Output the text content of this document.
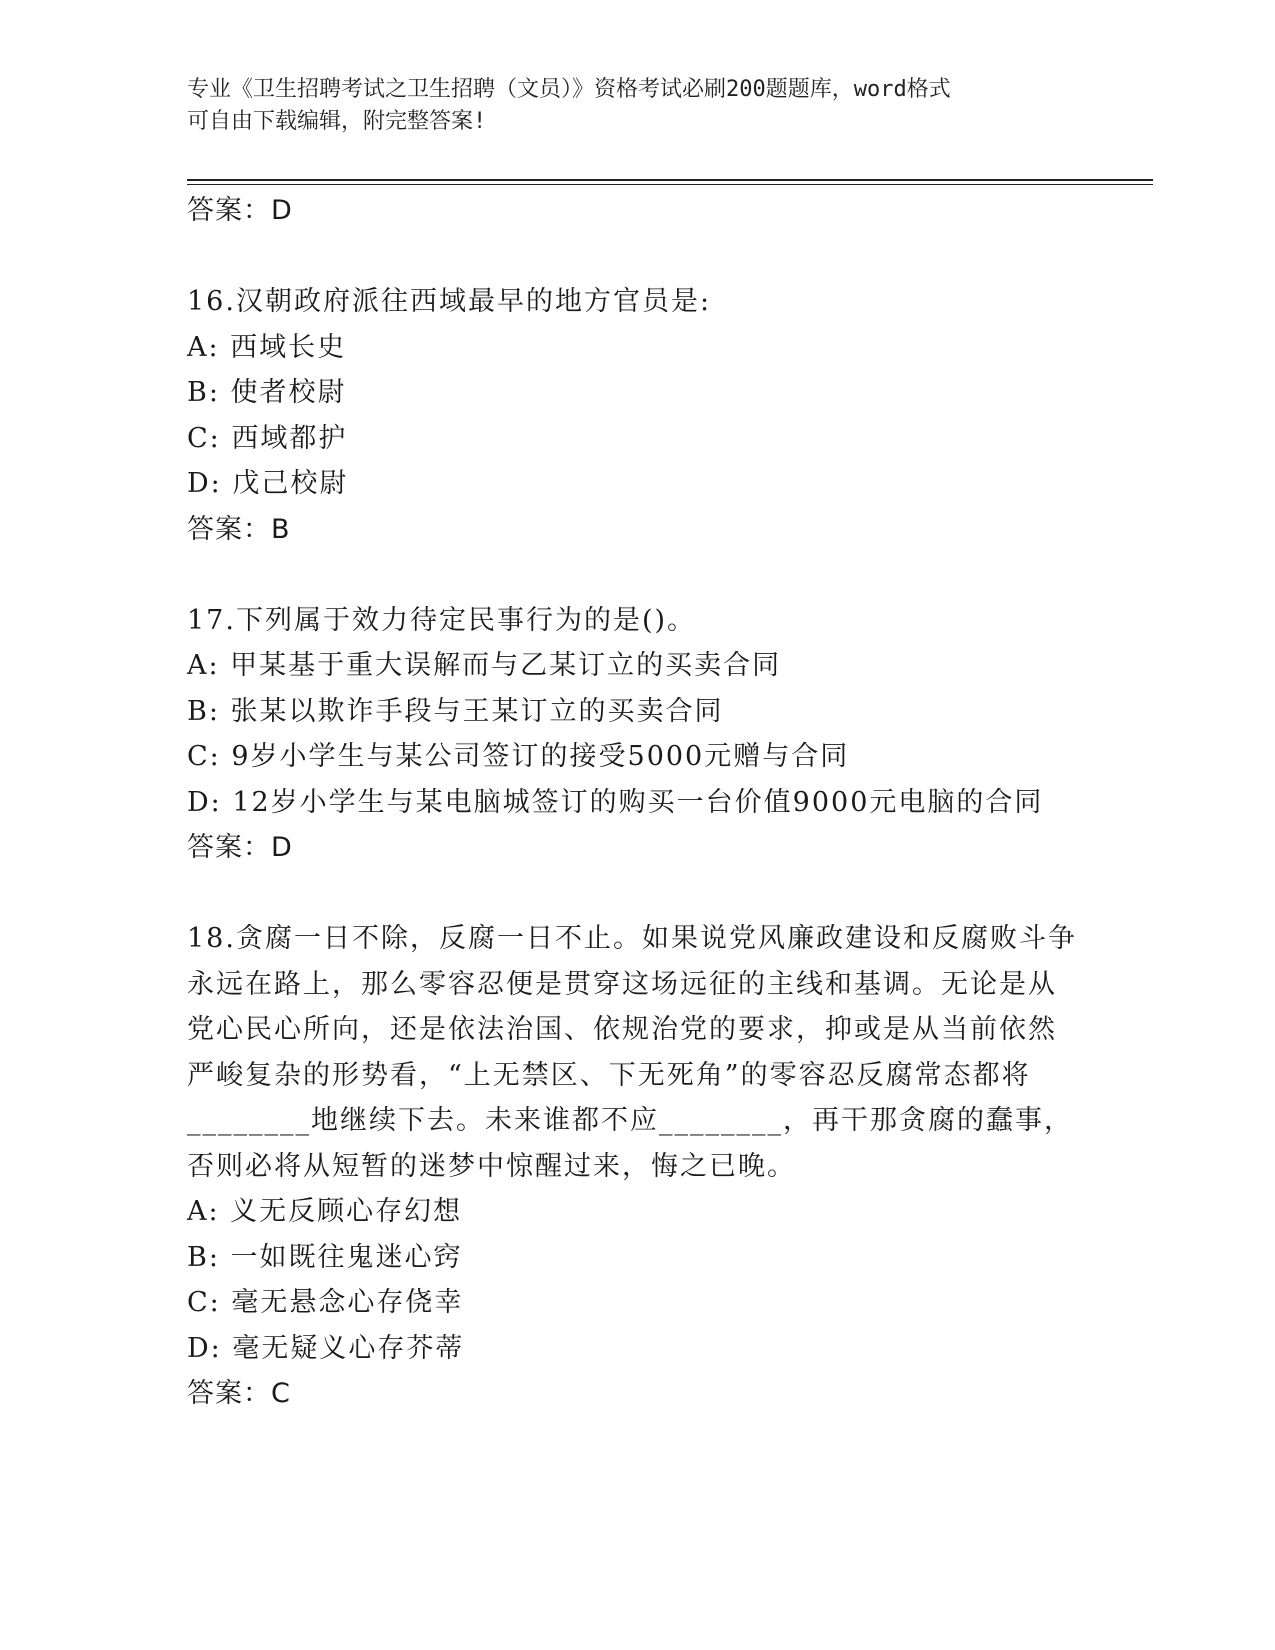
专业《卫生招聘考试之卫生招聘（文员）》资格考试必刷200题题库，word格式
可自由下载编辑，附完整答案!
答案：D
16.汉朝政府派往西域最早的地方官员是:
A: 西域长史
B: 使者校尉
C: 西域都护
D: 戊己校尉
答案：B
17.下列属于效力待定民事行为的是()。
A: 甲某基于重大误解而与乙某订立的买卖合同
B: 张某以欺诈手段与王某订立的买卖合同
C: 9岁小学生与某公司签订的接受5000元赠与合同
D: 12岁小学生与某电脑城签订的购买一台价值9000元电脑的合同
答案：D
18.贪腐一日不除，反腐一日不止。如果说党风廉政建设和反腐败斗争
永远在路上，那么零容忍便是贯穿这场远征的主线和基调。无论是从
党心民心所向，还是依法治国、依规治党的要求，抑或是从当前依然
严峻复杂的形势看，“上无禁区、下无死角”的零容忍反腐常态都将
________地继续下去。未来谁都不应________，再干那贪腐的蠢事，
否则必将从短暂的迷梦中惊醒过来，悔之已晚。
A: 义无反顾心存幻想
B: 一如既往鬼迷心窍
C: 毫无悬念心存侥幸
D: 毫无疑义心存芥蒂
答案：C
